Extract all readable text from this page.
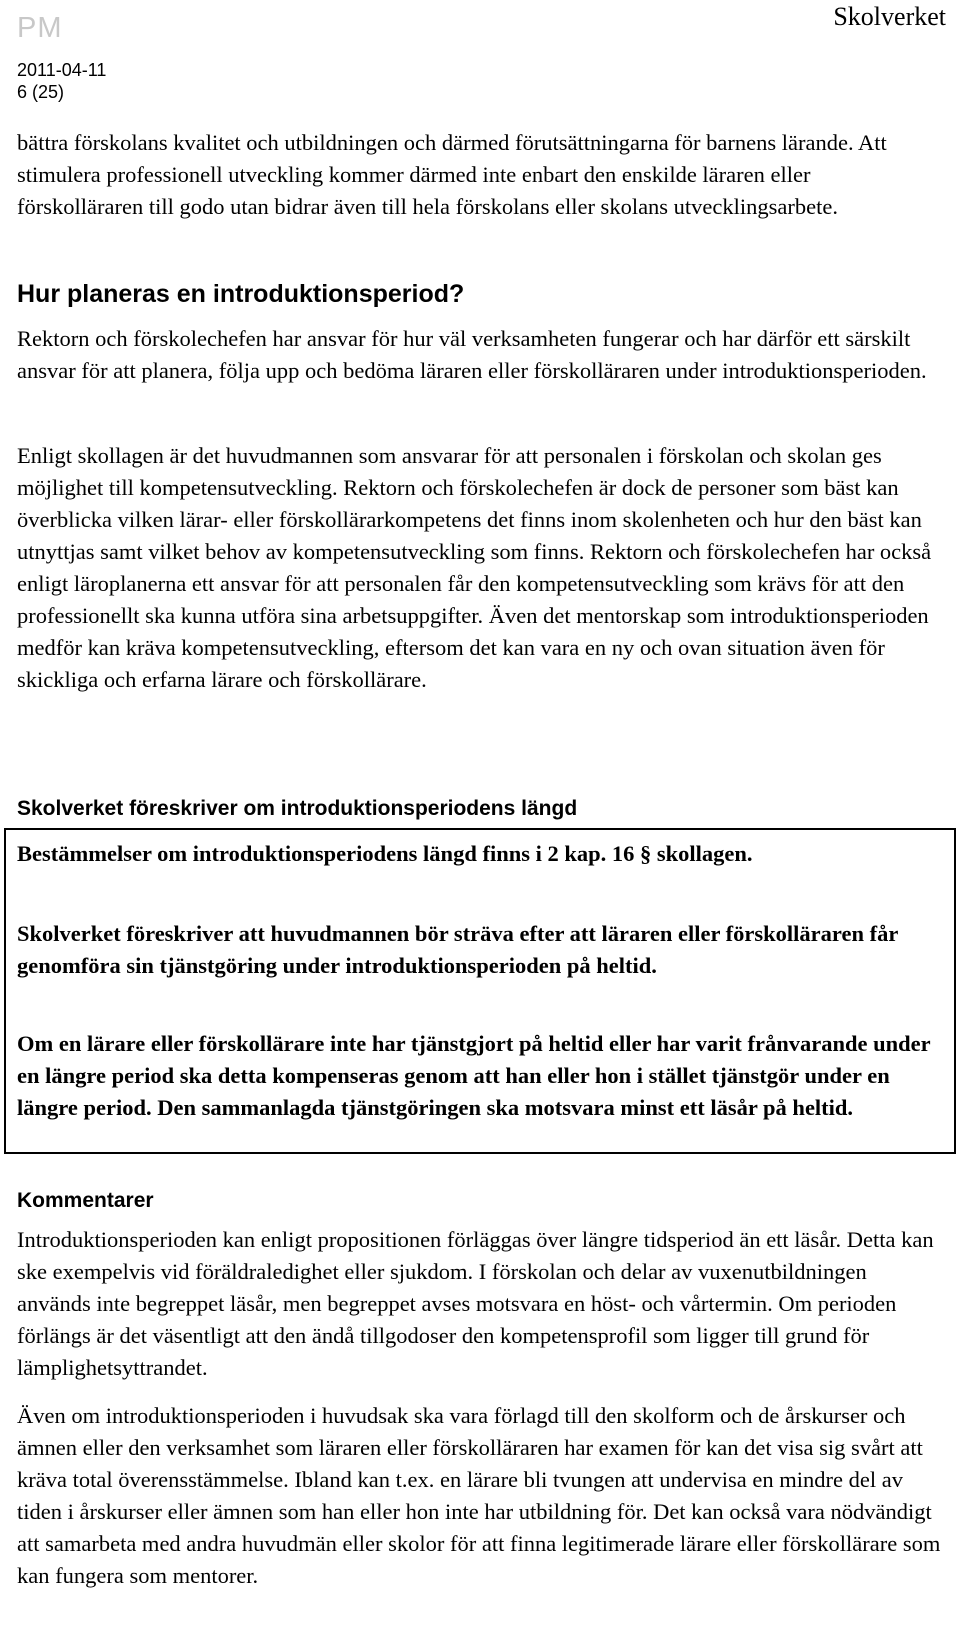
PM	Skolverket
2011-04-11
6 (25)

bättra förskolans kvalitet och utbildningen och därmed förutsättningarna för barnens lärande. Att stimulera professionell utveckling kommer därmed inte enbart den enskilde läraren eller förskolläraren till godo utan bidrar även till hela förskolans eller skolans utvecklingsarbete.

Hur planeras en introduktionsperiod?

Rektorn och förskolechefen har ansvar för hur väl verksamheten fungerar och har därför ett särskilt ansvar för att planera, följa upp och bedöma läraren eller förskolläraren under introduktionsperioden.

Enligt skollagen är det huvudmannen som ansvarar för att personalen i förskolan och skolan ges möjlighet till kompetensutveckling. Rektorn och förskolechefen är dock de personer som bäst kan överblicka vilken lärar- eller förskollärarkompetens det finns inom skolenheten och hur den bäst kan utnyttjas samt vilket behov av kompetensutveckling som finns. Rektorn och förskolechefen har också enligt läroplanerna ett ansvar för att personalen får den kompetensutveckling som krävs för att den professionellt ska kunna utföra sina arbetsuppgifter. Även det mentorskap som introduktionsperioden medför kan kräva kompetensutveckling, eftersom det kan vara en ny och ovan situation även för skickliga och erfarna lärare och förskollärare.

Skolverket föreskriver om introduktionsperiodens längd

Bestämmelser om introduktionsperiodens längd finns i 2 kap. 16 § skollagen.

Skolverket föreskriver att huvudmannen bör sträva efter att läraren eller förskolläraren får genomföra sin tjänstgöring under introduktionsperioden på heltid.

Om en lärare eller förskollärare inte har tjänstgjort på heltid eller har varit frånvarande under en längre period ska detta kompenseras genom att han eller hon i stället tjänstgör under en längre period. Den sammanlagda tjänstgöringen ska motsvara minst ett läsår på heltid.

Kommentarer

Introduktionsperioden kan enligt propositionen förläggas över längre tidsperiod än ett läsår. Detta kan ske exempelvis vid föräldraledighet eller sjukdom. I förskolan och delar av vuxenutbildningen används inte begreppet läsår, men begreppet avses motsvara en höst- och vårtermin. Om perioden förlängs är det väsentligt att den ändå tillgodoser den kompetensprofil som ligger till grund för lämplighetsyttrandet.

Även om introduktionsperioden i huvudsak ska vara förlagd till den skolform och de årskurser och ämnen eller den verksamhet som läraren eller förskolläraren har examen för kan det visa sig svårt att kräva total överensstämmelse. Ibland kan t.ex. en lärare bli tvungen att undervisa en mindre del av tiden i årskurser eller ämnen som han eller hon inte har utbildning för. Det kan också vara nödvändigt att samarbeta med andra huvudmän eller skolor för att finna legitimerade lärare eller förskollärare som kan fungera som mentorer.
